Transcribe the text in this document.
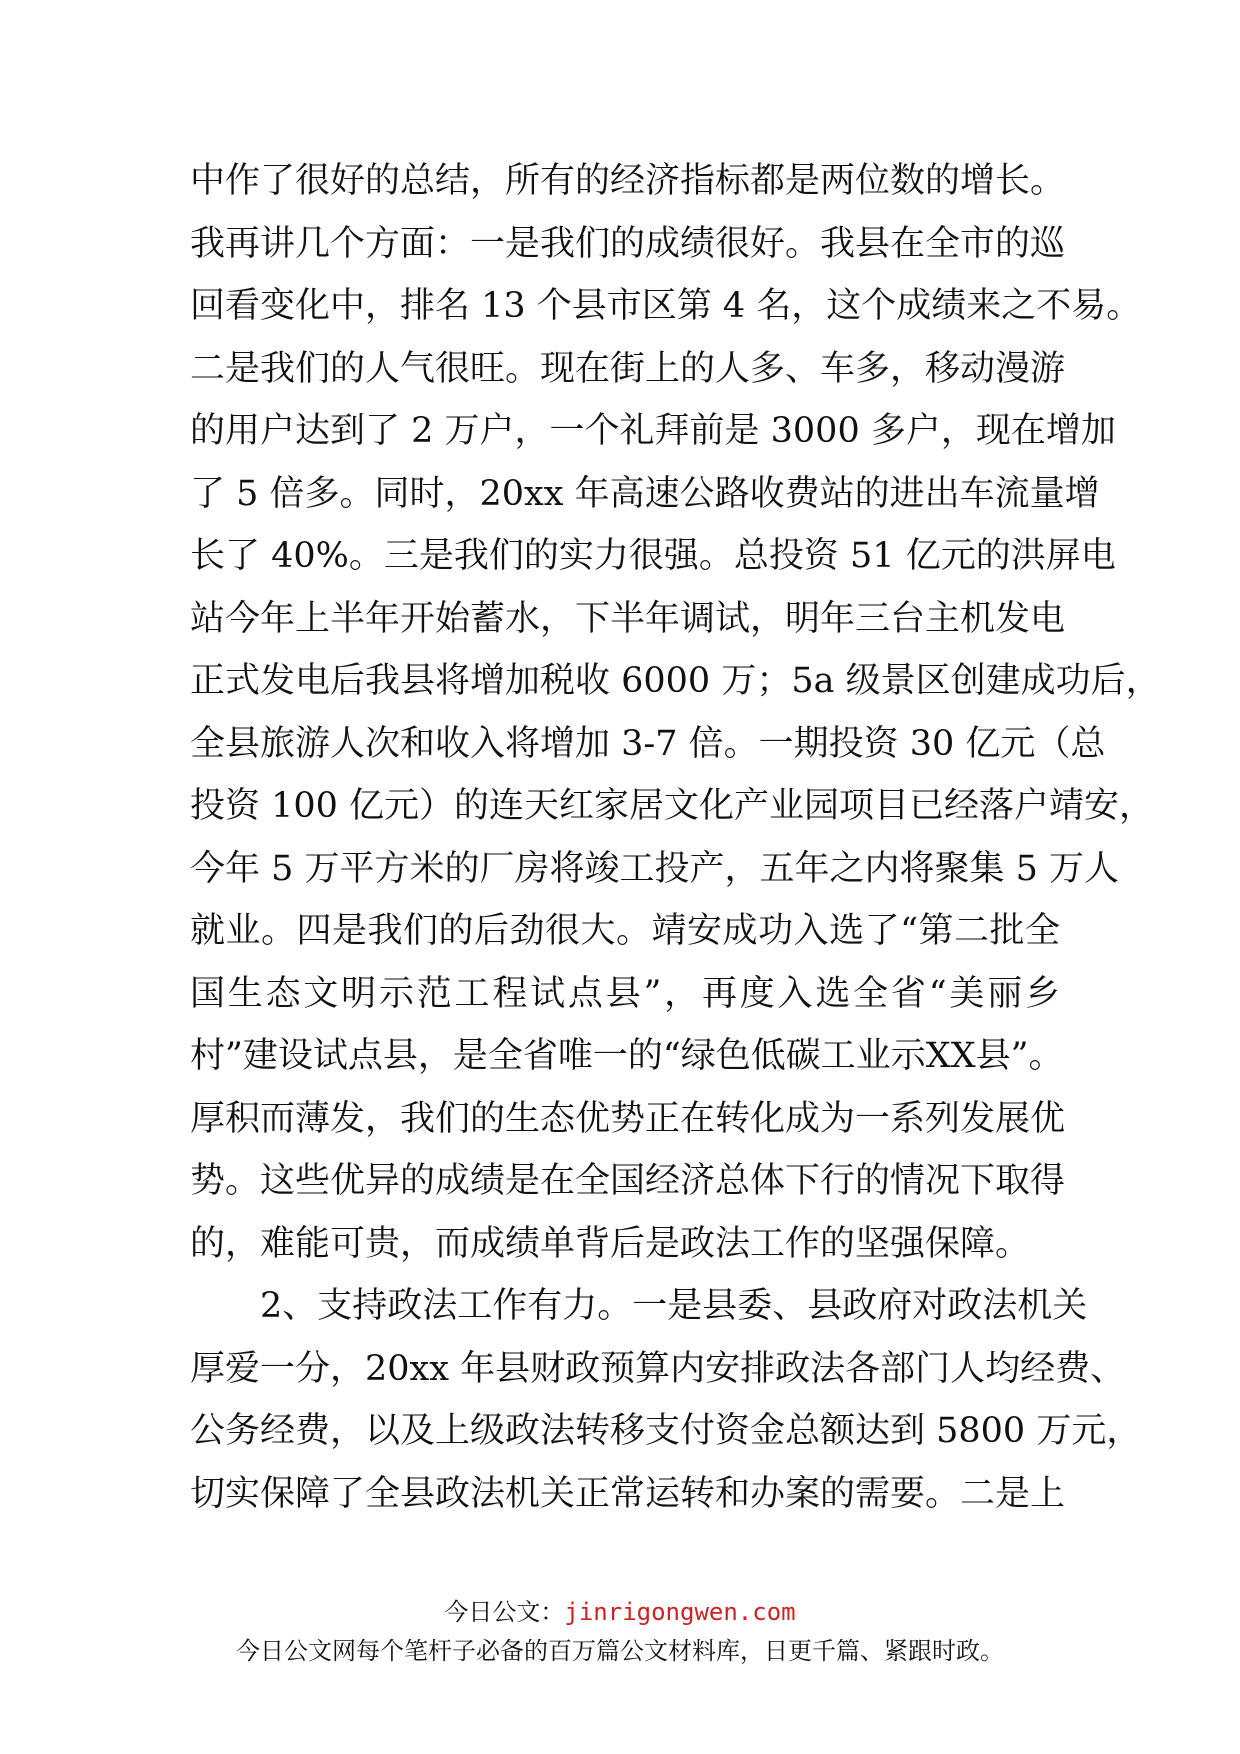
中作了很好的总结，所有的经济指标都是两位数的增长。
我再讲几个方面：一是我们的成绩很好。我县在全市的巡
回看变化中，排名 13 个县市区第 4 名，这个成绩来之不易。
二是我们的人气很旺。现在街上的人多、车多，移动漫游
的用户达到了 2 万户，一个礼拜前是 3000 多户，现在增加
了 5 倍多。同时，20xx 年高速公路收费站的进出车流量增
长了 40%。三是我们的实力很强。总投资 51 亿元的洪屏电
站今年上半年开始蓄水，下半年调试，明年三台主机发电
正式发电后我县将增加税收 6000 万；5a 级景区创建成功后，
全县旅游人次和收入将增加 3-7 倍。一期投资 30 亿元（总
投资 100 亿元）的连天红家居文化产业园项目已经落户靖安，
今年 5 万平方米的厂房将竣工投产，五年之内将聚集 5 万人
就业。四是我们的后劲很大。靖安成功入选了“第二批全
国生态文明示范工程试点县”，再度入选全省“美丽乡
村”建设试点县，是全省唯一的“绿色低碳工业示XX县”。
厚积而薄发，我们的生态优势正在转化成为一系列发展优
势。这些优异的成绩是在全国经济总体下行的情况下取得
的，难能可贵，而成绩单背后是政法工作的坚强保障。
2、支持政法工作有力。一是县委、县政府对政法机关
厚爱一分，20xx 年县财政预算内安排政法各部门人均经费、
公务经费，以及上级政法转移支付资金总额达到 5800 万元，
切实保障了全县政法机关正常运转和办案的需要。二是上
今日公文：jinrigongwen.com
今日公文网每个笔杆子必备的百万篇公文材料库，日更千篇、紧跟时政。
